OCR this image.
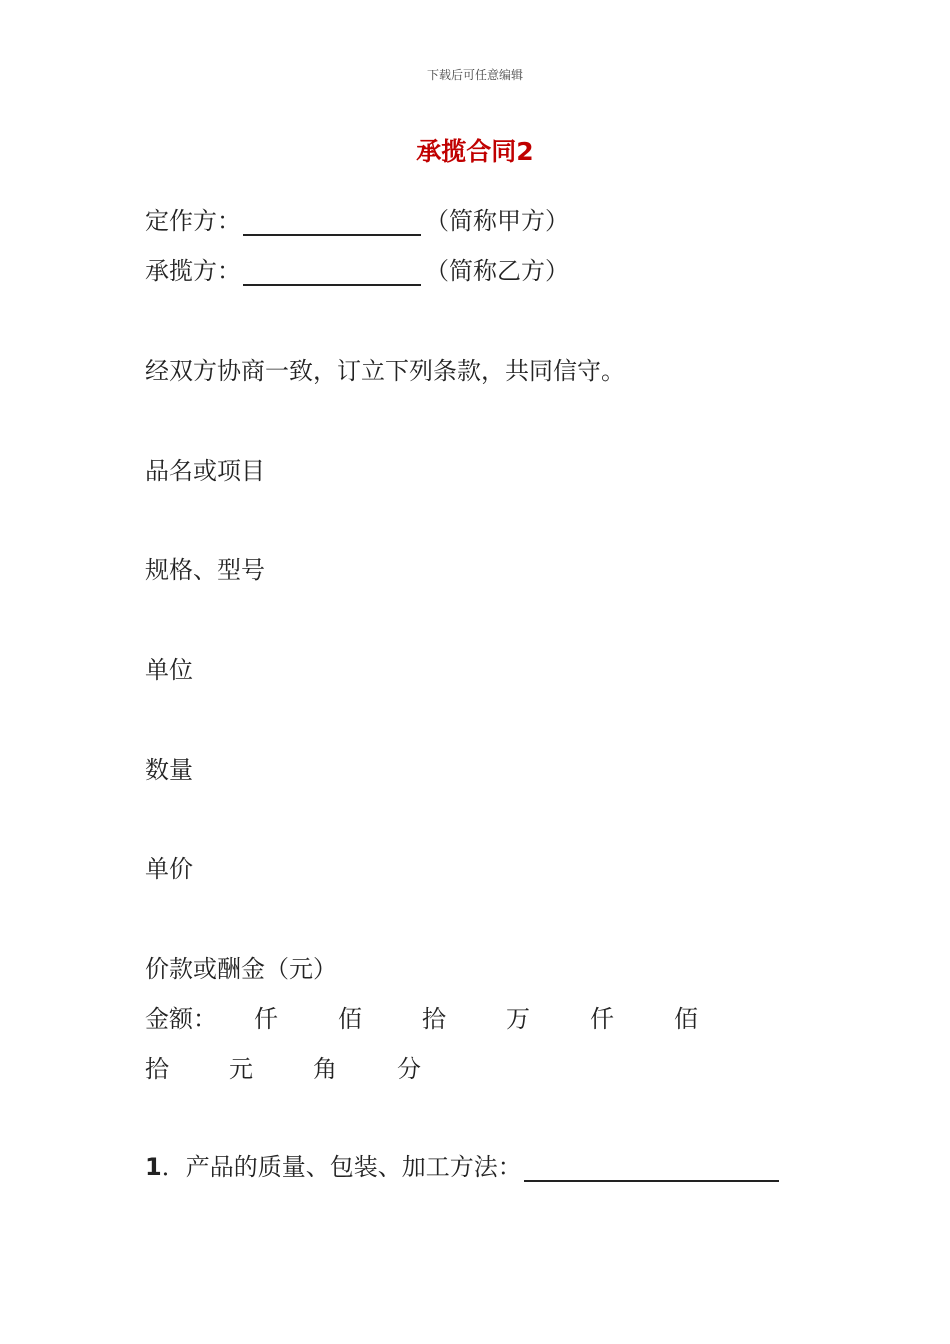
下载后可任意编辑
承揽合同2
定作方：	（简称甲方）
承揽方：	（简称乙方）
经双方协商一致，订立下列条款，共同信守。
品名或项目
规格、型号
单位
数量
单价
价款或酬金（元）
金额： 仟	佰	拾	万	仟	佰
拾	元	角	分
1．产品的质量、包装、加工方法：
